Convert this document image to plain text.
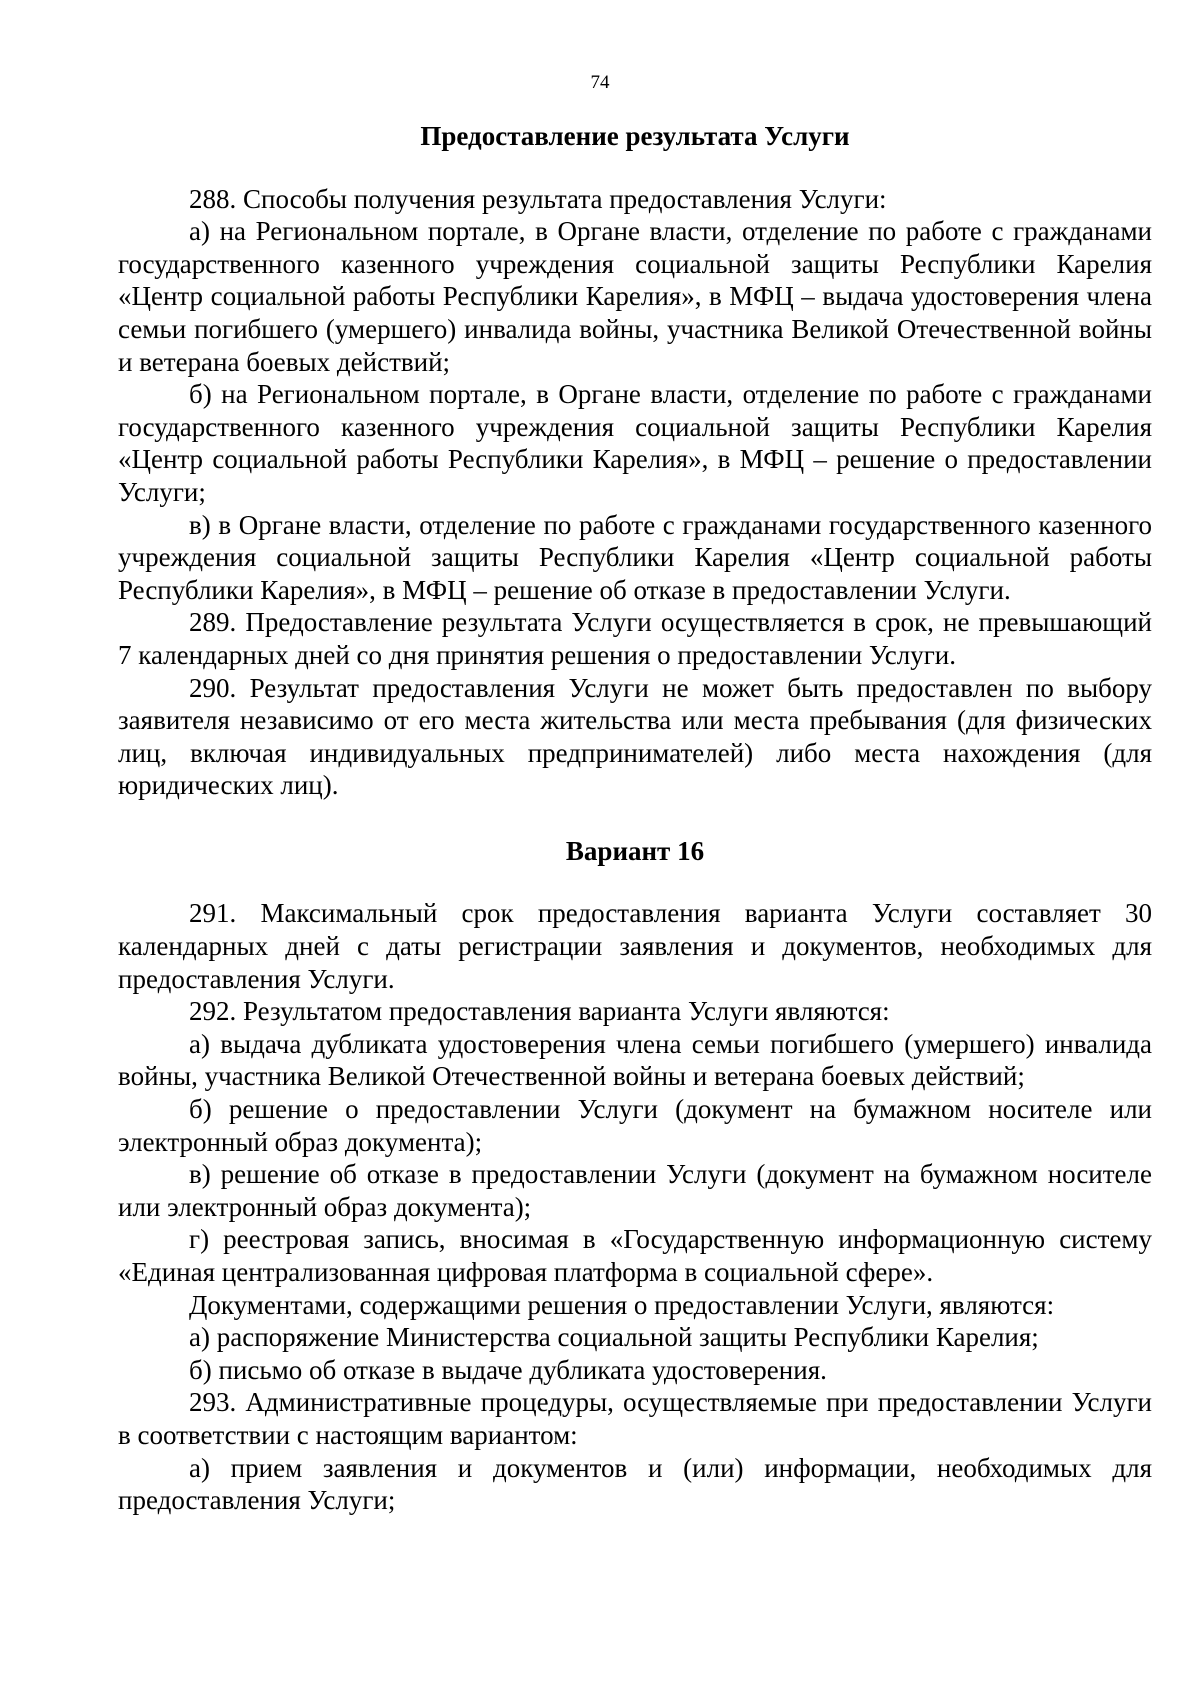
74

Предоставление результата Услуги

288. Способы получения результата предоставления Услуги:

а) на Региональном портале, в Органе власти, отделение по работе с гражданами государственного казенного учреждения социальной защиты Республики Карелия «Центр социальной работы Республики Карелия», в МФЦ – выдача удостоверения члена семьи погибшего (умершего) инвалида войны, участника Великой Отечественной войны и ветерана боевых действий;

б) на Региональном портале, в Органе власти, отделение по работе с гражданами государственного казенного учреждения социальной защиты Республики Карелия «Центр социальной работы Республики Карелия», в МФЦ – решение о предоставлении Услуги;

в) в Органе власти, отделение по работе с гражданами государственного казенного учреждения социальной защиты Республики Карелия «Центр социальной работы Республики Карелия», в МФЦ – решение об отказе в предоставлении Услуги.

289. Предоставление результата Услуги осуществляется в срок, не превышающий 7 календарных дней со дня принятия решения о предоставлении Услуги.

290. Результат предоставления Услуги не может быть предоставлен по выбору заявителя независимо от его места жительства или места пребывания (для физических лиц, включая индивидуальных предпринимателей) либо места нахождения (для юридических лиц).

Вариант 16

291. Максимальный срок предоставления варианта Услуги составляет 30 календарных дней с даты регистрации заявления и документов, необходимых для предоставления Услуги.

292. Результатом предоставления варианта Услуги являются:

а) выдача дубликата удостоверения члена семьи погибшего (умершего) инвалида войны, участника Великой Отечественной войны и ветерана боевых действий;

б) решение о предоставлении Услуги (документ на бумажном носителе или электронный образ документа);

в) решение об отказе в предоставлении Услуги (документ на бумажном носителе или электронный образ документа);

г) реестровая запись, вносимая в «Государственную информационную систему «Единая централизованная цифровая платформа в социальной сфере».

Документами, содержащими решения о предоставлении Услуги, являются:

а) распоряжение Министерства социальной защиты Республики Карелия;

б) письмо об отказе в выдаче дубликата удостоверения.

293. Административные процедуры, осуществляемые при предоставлении Услуги в соответствии с настоящим вариантом:

а) прием заявления и документов и (или) информации, необходимых для предоставления Услуги;
